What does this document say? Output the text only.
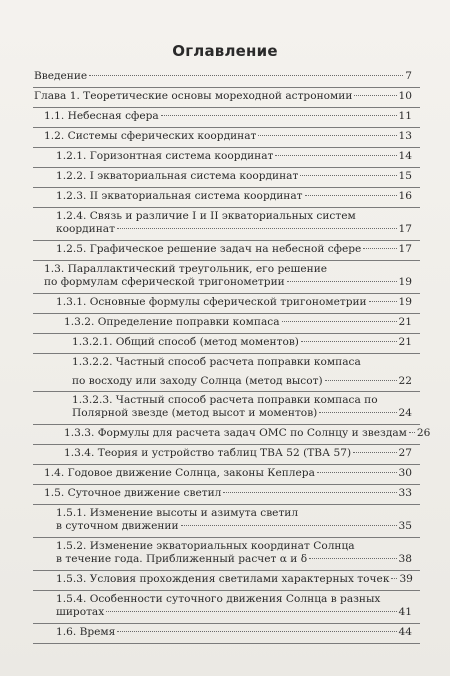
Оглавление
Введение	7
Глава 1. Теоретические основы мореходной астрономии	10
1.1. Небесная сфера	11
1.2. Системы сферических координат	13
1.2.1. Горизонтная система координат	14
1.2.2. I экваториальная система координат	15
1.2.3. II экваториальная система координат	16
1.2.4. Связь и различие I и II экваториальных систем
координат	17
1.2.5. Графическое решение задач на небесной сфере	17
1.3. Параллактический треугольник, его решение
по формулам сферической тригонометрии	19
1.3.1. Основные формулы сферической тригонометрии	19
1.3.2. Определение поправки компаса	21
1.3.2.1. Общий способ (метод моментов)	21
1.3.2.2. Частный способ расчета поправки компаса
по восходу или заходу Солнца (метод высот)	22
1.3.2.3. Частный способ расчета поправки компаса по
Полярной звезде (метод высот и моментов)	24
1.3.3. Формулы для расчета задач ОМС по Солнцу и звездам 26
1.3.4. Теория и устройство таблиц ТВА 52 (ТВА 57)	27
1.4. Годовое движение Солнца, законы Кеплера	30
1.5. Суточное движение светил	33
1.5.1. Изменение высоты и азимута светил
в суточном движении	35
1.5.2. Изменение экваториальных координат Солнца
в течение года. Приближенный расчет α и δ	38
1.5.3. Условия прохождения светилами характерных точек 39
1.5.4. Особенности суточного движения Солнца в разных
широтах	41
1.6. Время	44
